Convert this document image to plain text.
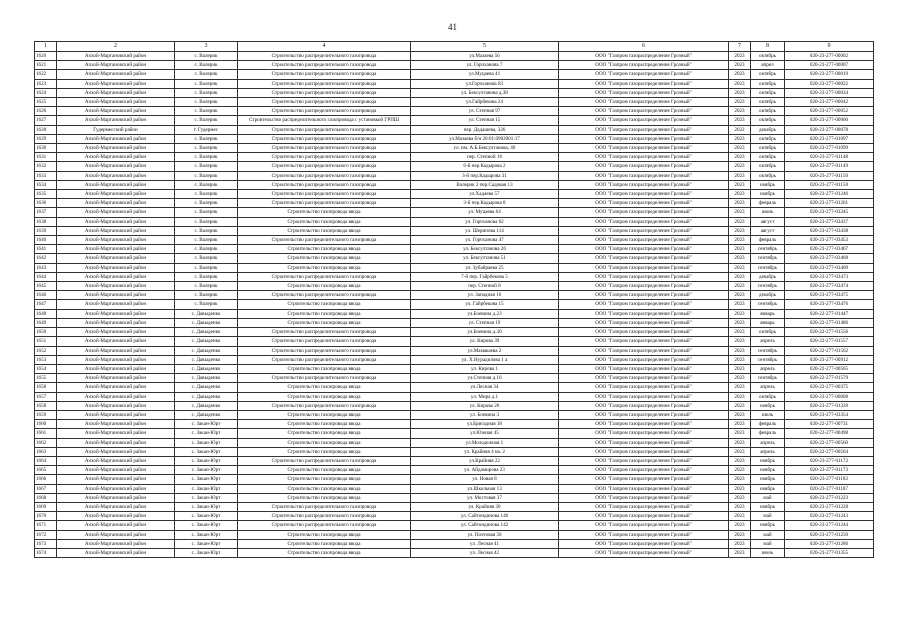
41
1	2	3	4	5	6	7	8	9
1620	Ачхой-Мартановский район	с. Валерик	Строительство распределительного газопровода	ул.Мазаева 56	ООО "Газпром газораспределение Грозный"	2023	октябрь	020-23-277-00002
1621	Ачхой-Мартановский район	с. Валерик	Строительство распределительного газопровода	ул. Горчханова 7	ООО "Газпром газораспределение Грозный"	2023	апрел	020-23-277-00007
1622	Ачхой-Мартановский район	с. Валерик	Строительство распределительного газопровода	ул.Муцаева 41	ООО "Газпром газораспределение Грозный"	2023	октябрь	020-23-277-00019
1623	Ачхой-Мартановский район	с. Валерик	Строительство распределительного газопровода	ул.Горчханова 83	ООО "Газпром газораспределение Грозный"	2023	октябрь	020-23-277-00022
1624	Ачхой-Мартановский район	с. Валерик	Строительство распределительного газопровода	ул. Бексултанова д.38	ООО "Газпром газораспределение Грозный"	2023	октябрь	020-23-277-00034
1625	Ачхой-Мартановский район	с. Валерик	Строительство распределительного газопровода	ул.Гайрбекова 24	ООО "Газпром газораспределение Грозный"	2023	октябрь	020-23-277-00042
1626	Ачхой-Мартановский район	с. Валерик	Строительство распределительного газопровода	ул. Степная 97	ООО "Газпром газораспределение Грозный"	2023	октябрь	020-23-277-00052
1627	Ачхой-Мартановский район	с. Валерик	Строительство распределительного газопровода с установкой ГРПШ	ул. Степная 15	ООО "Газпром газораспределение Грозный"	2023	октябрь	020-23-277-00060
1628	Гудермесский район	г. Гудермес	Строительство распределительного газопровода	пер. Дадашева, 326	ООО "Газпром газораспределение Грозный"	2022	декабрь	020-23-277-00078
1629	Ачхой-Мартановский район	с. Валерик	Строительство распределительного газопровода	ул.Мазаева б/н 20:01:0902001:17	ООО "Газпром газораспределение Грозный"	2023	октябрь	020-23-277-01097
1630	Ачхой-Мартановский район	с. Валерик	Строительство распределительного газопровода	ул. им. А.Б.Бексултанова, 40	ООО "Газпром газораспределение Грозный"	2023	октябрь	020-23-277-01099
1631	Ачхой-Мартановский район	с. Валерик	Строительство распределительного газопровода	пер. Степной 16	ООО "Газпром газораспределение Грозный"	2023	октябрь	020-23-277-01148
1632	Ачхой-Мартановский район	с. Валерик	Строительство распределительного газопровода	6-й пер.Кадырова 2	ООО "Газпром газораспределение Грозный"	2023	октябрь	020-23-277-01149
1633	Ачхой-Мартановский район	с. Валерик	Строительство распределительного газопровода	3-й пер.Кадырова 31	ООО "Газпром газораспределение Грозный"	2023	октябрь	020-23-277-01150
1634	Ачхой-Мартановский район	с. Валерик	Строительство распределительного газопровода	Валерик 2 пер.Садовая 13	ООО "Газпром газораспределение Грозный"	2023	ноябрь	020-23-277-01158
1635	Ачхой-Мартановский район	с. Валерик	Строительство распределительного газопровода	ул.Хадаева 57	ООО "Газпром газораспределение Грозный"	2023	ноябрь	020-23-277-01246
1636	Ачхой-Мартановский район	с. Валерик	Строительство распределительного газопровода	3-й пер.Кадырова 8	ООО "Газпром газораспределение Грозный"	2023	февраль	020-23-277-01261
1637	Ачхой-Мартановский район	с. Валерик	Строительство газопровода ввода	ул. Муцаева 64	ООО "Газпром газораспределение Грозный"	2023	июнь	020-23-277-03345
1638	Ачхой-Мартановский район	с. Валерик	Строительство газопровода ввода	ул. Горчханова 82	ООО "Газпром газораспределение Грозный"	2023	август	020-23-277-03437
1639	Ачхой-Мартановский район	с. Валерик	Строительство газопровода ввода	ул. Шерипова 114	ООО "Газпром газораспределение Грозный"	2023	август	020-23-277-03438
1640	Ачхой-Мартановский район	с. Валерик	Строительство распределительного газопровода	ул. Горчханова 47	ООО "Газпром газораспределение Грозный"	2023	февраль	020-23-277-03453
1641	Ачхой-Мартановский район	с. Валерик	Строительство газопровода ввода	ул. Бексултанова 26	ООО "Газпром газораспределение Грозный"	2023	сентябрь	020-23-277-03467
1642	Ачхой-Мартановский район	с. Валерик	Строительство газопровода ввода	ул. Бексултанова 51	ООО "Газпром газораспределение Грозный"	2023	сентябрь	020-23-277-03468
1643	Ачхой-Мартановский район	с. Валерик	Строительство газопровода ввода	ул. Зубайраева 25	ООО "Газпром газораспределение Грозный"	2023	сентябрь	020-23-277-03469
1644	Ачхой-Мартановский район	с. Валерик	Строительство распределительного газопровода	7-й пер. Гайрбекова 5	ООО "Газпром газораспределение Грозный"	2023	декабрь	020-23-277-03473
1645	Ачхой-Мартановский район	с. Валерик	Строительство газопровода ввода	пер. Степной 8	ООО "Газпром газораспределение Грозный"	2023	сентябрь	020-23-277-03474
1646	Ачхой-Мартановский район	с. Валерик	Строительство распределительного газопровода	ул. Западная 16	ООО "Газпром газораспределение Грозный"	2023	декабрь	020-23-277-03475
1647	Ачхой-Мартановский район	с. Валерик	Строительство газопровода ввода	ул. Гайрбекова 15	ООО "Газпром газораспределение Грозный"	2023	сентябрь	020-23-277-03476
1648	Ачхой-Мартановский район	с. Давыденко	Строительство газопровода ввода	ул.Боевина д.23	ООО "Газпром газораспределение Грозный"	2023	январь	020-22-277-01447
1649	Ачхой-Мартановский район	с. Давыденко	Строительство газопровода ввода	ул. Степная 19	ООО "Газпром газораспределение Грозный"	2023	январь	020-22-277-01486
1650	Ачхой-Мартановский район	с. Давыденко	Строительство распределительного газопровода	ул.Боевина д.30	ООО "Газпром газораспределение Грозный"	2023	октябрь	020-22-277-01556
1651	Ачхой-Мартановский район	с. Давыденко	Строительство распределительного газопровода	ул. Кирова 39	ООО "Газпром газораспределение Грозный"	2023	апрель	020-22-277-01557
1652	Ачхой-Мартановский район	с. Давыденко	Строительство распределительного газопровода	ул.Мамакаева 2	ООО "Газпром газораспределение Грозный"	2023	сентябрь	020-22-277-01562
1653	Ачхой-Мартановский район	с. Давыденко	Строительство распределительного газопровода	ул. Х.Нурадилова 1 а	ООО "Газпром газораспределение Грозный"	2023	сентябрь	020-23-277-00912
1654	Ачхой-Мартановский район	с. Давыденко	Строительство газопровода ввода	ул. Кирова 1	ООО "Газпром газораспределение Грозный"	2023	апрель	020-22-277-00565
1655	Ачхой-Мартановский район	с. Давыденко	Строительство распределительного газопровода	ул.Степная д.16	ООО "Газпром газораспределение Грозный"	2023	сентябрь	020-22-277-01579
1656	Ачхой-Мартановский район	с. Давыденко	Строительство газопровода ввода	ул.Лесная 34	ООО "Газпром газораспределение Грозный"	2023	апрель	020-22-277-00375
1657	Ачхой-Мартановский район	с. Давыденко	Строительство газопровода ввода	ул. Мира д.1	ООО "Газпром газораспределение Грозный"	2023	октябрь	020-23-277-00008
1658	Ачхой-Мартановский район	с. Давыденко	Строительство распределительного газопровода	ул. Кирова 26	ООО "Газпром газораспределение Грозный"	2023	ноябрь	020-23-277-01339
1659	Ачхой-Мартановский район	с. Давыденко	Строительство газопровода ввода	ул. Боевина 3	ООО "Газпром газораспределение Грозный"	2023	июль	020-23-277-03354
1660	Ачхой-Мартановский район	с. Закан-Юрт	Строительство газопровода ввода	ул.Бригадная 18	ООО "Газпром газораспределение Грозный"	2023	февраль	020-22-277-00731
1661	Ачхой-Мартановский район	с. Закан-Юрт	Строительство газопровода ввода	ул.Южная 45	ООО "Газпром газораспределение Грозный"	2023	февраль	020-22-277-00498
1662	Ачхой-Мартановский район	с. Закан-Юрт	Строительство газопровода ввода	ул.Молодежная 1	ООО "Газпром газораспределение Грозный"	2023	апрель	020-22-277-00560
1663	Ачхой-Мартановский район	с. Закан-Юрт	Строительство газопровода ввода	ул. Крайняя 4 кв. 2	ООО "Газпром газораспределение Грозный"	2023	апрель	020-22-277-00564
1664	Ачхой-Мартановский район	с. Закан-Юрт	Строительство распределительного газопровода	ул.Крайняя 22	ООО "Газпром газораспределение Грозный"	2023	ноябрь	020-23-277-01172
1665	Ачхой-Мартановский район	с. Закан-Юрт	Строительство газопровода ввода	ул. Айдамирова 23	ООО "Газпром газораспределение Грозный"	2023	ноябрь	020-23-277-01173
1666	Ачхой-Мартановский район	с. Закан-Юрт	Строительство газопровода ввода	ул. Новая 8	ООО "Газпром газораспределение Грозный"	2023	ноябрь	020-23-277-01182
1667	Ачхой-Мартановский район	с. Закан-Юрт	Строительство газопровода ввода	ул.Школьная 13	ООО "Газпром газораспределение Грозный"	2023	ноябрь	020-23-277-01187
1668	Ачхой-Мартановский район	с. Закан-Юрт	Строительство газопровода ввода	ул. Мостовая 37	ООО "Газпром газораспределение Грозный"	2023	май	020-23-277-01223
1669	Ачхой-Мартановский район	с. Закан-Юрт	Строительство распределительного газопровода	ул. Крайняя 30	ООО "Газпром газораспределение Грозный"	2023	ноябрь	020-23-277-01228
1670	Ачхой-Мартановский район	с. Закан-Юрт	Строительство распределительного газопровода	ул. Сайтондинова 146	ООО "Газпром газораспределение Грозный"	2023	май	020-23-277-01243
1671	Ачхой-Мартановский район	с. Закан-Юрт	Строительство распределительного газопровода	ул. Сайтондинова 142	ООО "Газпром газораспределение Грозный"	2023	ноябрь	020-23-277-01244
1672	Ачхой-Мартановский район	с. Закан-Юрт	Строительство газопровода ввода	ул. Почтовая 58	ООО "Газпром газораспределение Грозный"	2023	май	020-23-277-01250
1673	Ачхой-Мартановский район	с. Закан-Юрт	Строительство газопровода ввода	ул. Лесная 41	ООО "Газпром газораспределение Грозный"	2023	май	020-23-277-01286
1674	Ачхой-Мартановский район	с. Закан-Юрт	Строительство газопровода ввода	ул. Лесная 42	ООО "Газпром газораспределение Грозный"	2023	июнь	020-23-277-01355
